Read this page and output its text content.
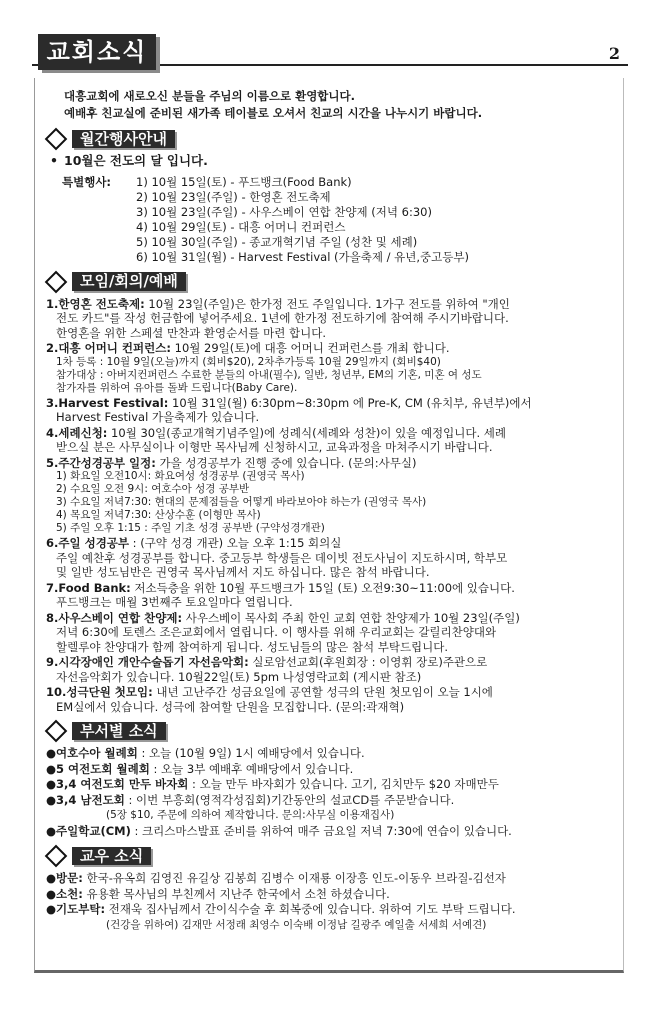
교회소식	2
대흥교회에 새로오신 분들을 주님의 이름으로 환영합니다.
예배후 친교실에 준비된 새가족 테이블로 오셔서 친교의 시간을 나누시기 바랍니다.
월간행사안내
• 10월은 전도의 달 입니다.
특별행사:	1) 10월 15일(토) - 푸드뱅크(Food Bank)
2) 10월 23일(주일) - 한영혼 전도축제
3) 10월 23일(주일) - 사우스베이 연합 찬양제 (저녁 6:30)
4) 10월 29일(토) - 대흥 어머니 컨퍼런스
5) 10월 30일(주일) - 종교개혁기념 주일 (성찬 및 세례)
6) 10월 31일(월) - Harvest Festival (가을축제 / 유년,중고등부)
모임/회의/예배
1.한영혼 전도축제: 10월 23일(주일)은 한가정 전도 주일입니다. 1가구 전도를 위하여 "개인
전도 카드"를 작성 헌금함에 넣어주세요. 1년에 한가정 전도하기에 참여해 주시기바랍니다.
한영혼을 위한 스페셜 만찬과 환영순서를 마련 합니다.
2.대흥 어머니 컨퍼런스: 10월 29일(토)에 대흥 어머니 컨퍼런스를 개최 합니다.
1차 등록 : 10월 9일(오늘)까지 (회비$20), 2차추가등록 10월 29일까지 (회비$40)
참가대상 : 아버지컨퍼런스 수료한 분들의 아내(필수), 일반, 청년부, EM의 기혼, 미혼 여 성도
참가자를 위하여 유아를 돌봐 드립니다(Baby Care).
3.Harvest Festival: 10월 31일(월) 6:30pm~8:30pm 에 Pre-K, CM (유치부, 유년부)에서
Harvest Festival 가을축제가 있습니다.
4.세례신청: 10월 30일(종교개혁기념주일)에 성례식(세례와 성찬)이 있을 예정입니다. 세례
받으실 분은 사무실이나 이형만 목사님께 신청하시고, 교육과정을 마쳐주시기 바랍니다.
5.주간성경공부 일정: 가을 성경공부가 진행 중에 있습니다. (문의:사무실)
1) 화요일 오전10시: 화요여성 성경공부 (권영국 목사)
2) 수요일 오전 9시: 여호수아 성경 공부반
3) 수요일 저녁7:30: 현대의 문제점들을 어떻게 바라보아야 하는가 (권영국 목사)
4) 목요일 저녁7:30: 산상수훈 (이형만 목사)
5) 주일 오후 1:15 : 주일 기초 성경 공부반 (구약성경개관)
6.주일 성경공부 : (구약 성경 개관) 오늘 오후 1:15 회의실
주일 예찬후 성경공부를 합니다. 중고등부 학생들은 데이빗 전도사님이 지도하시며, 학부모
및 일반 성도님반은 권영국 목사님께서 지도 하십니다. 많은 참석 바랍니다.
7.Food Bank: 저소득층을 위한 10월 푸드뱅크가 15일 (토) 오전9:30~11:00에 있습니다.
푸드뱅크는 매월 3번째주 토요일마다 열립니다.
8.사우스베이 연합 찬양제: 사우스베이 목사회 주최 한인 교회 연합 찬양제가 10월 23일(주일)
저녁 6:30에 토렌스 조은교회에서 열립니다. 이 행사를 위해 우리교회는 갈릴리찬양대와
할렐루야 찬양대가 함께 참여하게 됩니다. 성도님들의 많은 참석 부탁드립니다.
9.시각장애인 개안수술돕기 자선음악회: 실로암선교회(후원회장 : 이영휘 장로)주관으로
자선음악회가 있습니다. 10월22일(토) 5pm 나성영락교회 (게시판 참조)
10.성극단원 첫모임: 내년 고난주간 성금요일에 공연할 성극의 단원 첫모임이 오늘 1시에
EM실에서 있습니다. 성극에 참여할 단원을 모집합니다. (문의:곽재혁)
부서별 소식
●여호수아 월례회 : 오늘 (10월 9일) 1시 예배당에서 있습니다.
●5 여전도회 월례회 : 오늘 3부 예배후 예배당에서 있습니다.
●3,4 여전도회 만두 바자회 : 오늘 만두 바자회가 있습니다. 고기, 김치만두 $20 자매만두
●3,4 남전도회 : 이번 부흥회(영적각성집회)기간동안의 설교CD를 주문받습니다.
(5장 $10, 주문에 의하여 제작합니다. 문의:사무실 이용재집사)
●주일학교(CM) : 크리스마스발표 준비를 위하여 매주 금요일 저녁 7:30에 연습이 있습니다.
교우 소식
●방문: 한국-유옥희 김영진 유길상 김봉희 김병수 이재룡 이장흥 인도-이동우 브라질-김선자
●소천: 유용환 목사님의 부친께서 지난주 한국에서 소천 하셨습니다.
●기도부탁: 전재욱 집사님께서 간이식수술 후 회복중에 있습니다. 위하여 기도 부탁 드립니다.
(건강을 위하여) 김재만 서정래 최영수 이숙배 이정남 길광주 예일출 서세희 서예견)
